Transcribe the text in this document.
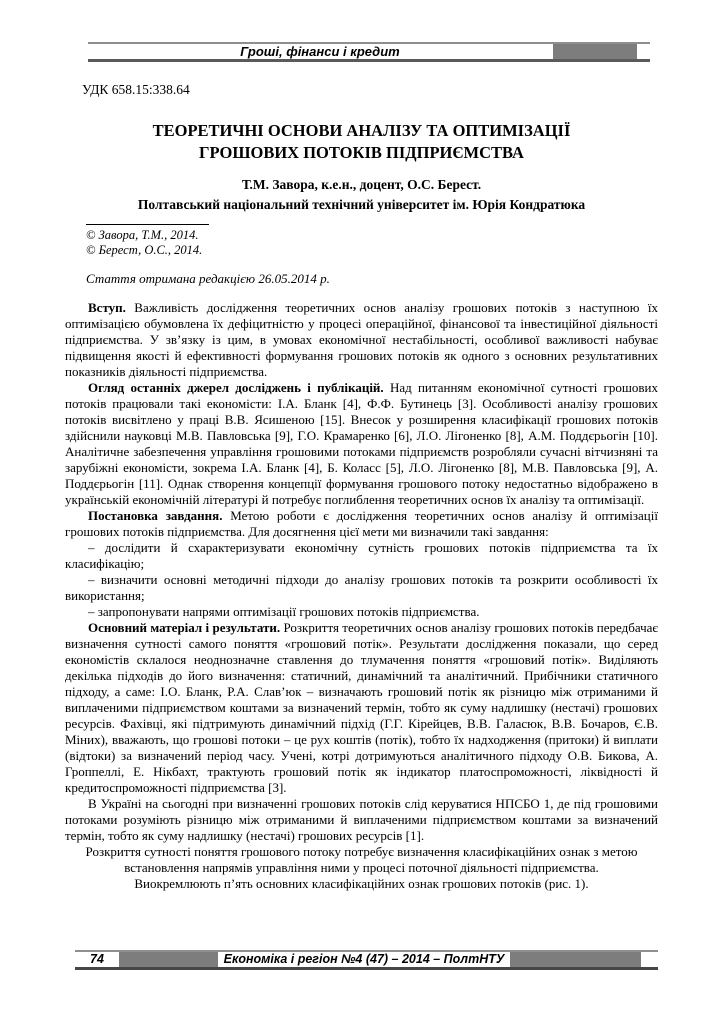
Гроші, фінанси і кредит

УДК 658.15:338.64

ТЕОРЕТИЧНІ ОСНОВИ АНАЛІЗУ ТА ОПТИМІЗАЦІЇ
ГРОШОВИХ ПОТОКІВ ПІДПРИЄМСТВА
Т.М. Завора, к.е.н., доцент, О.С. Берест.
Полтавський національний технічний університет ім. Юрія Кондратюка
© Завора, Т.М., 2014.
© Берест, О.С., 2014.

Стаття отримана редакцією 26.05.2014 р.

Вступ. Важливість дослідження теоретичних основ аналізу грошових потоків з наступною їх оптимізацією обумовлена їх дефіцитністю у процесі операційної, фінансової та інвестиційної діяльності підприємства. У зв’язку із цим, в умовах економічної нестабільності, особливої важливості набуває підвищення якості й ефективності формування грошових потоків як одного з основних результативних показників діяльності підприємства.

Огляд останніх джерел досліджень і публікацій. Над питанням економічної сутності грошових потоків працювали такі економісти: І.А. Бланк [4], Ф.Ф. Бутинець [3]. Особливості аналізу грошових потоків висвітлено у праці В.В. Ясишеною [15]. Внесок у розширення класифікації грошових потоків здійснили науковці М.В. Павловська [9], Г.О. Крамаренко [6], Л.О. Лігоненко [8], А.М. Поддєрьогін [10]. Аналітичне забезпечення управління грошовими потоками підприємств розробляли сучасні вітчизняні та зарубіжні економісти, зокрема І.А. Бланк [4], Б. Коласс [5], Л.О. Лігоненко [8], М.В. Павловська [9], А. Поддєрьогін [11]. Однак створення концепції формування грошового потоку недостатньо відображено в українській економічній літературі й потребує поглиблення теоретичних основ їх аналізу та оптимізації.

Постановка завдання. Метою роботи є дослідження теоретичних основ аналізу й оптимізації грошових потоків підприємства. Для досягнення цієї мети ми визначили такі завдання:

– дослідити й схарактеризувати економічну сутність грошових потоків підприємства та їх класифікацію;

– визначити основні методичні підходи до аналізу грошових потоків та розкрити особливості їх використання;

– запропонувати напрями оптимізації грошових потоків підприємства.

Основний матеріал і результати. Розкриття теоретичних основ аналізу грошових потоків передбачає визначення сутності самого поняття «грошовий потік». Результати дослідження показали, що серед економістів склалося неоднозначне ставлення до тлумачення поняття «грошовий потік». Виділяють декілька підходів до його визначення: статичний, динамічний та аналітичний. Прибічники статичного підходу, а саме: І.О. Бланк, Р.А. Слав’юк – визначають грошовий потік як різницю між отриманими й виплаченими підприємством коштами за визначений термін, тобто як суму надлишку (нестачі) грошових ресурсів. Фахівці, які підтримують динамічний підхід (Г.Г. Кірейцев, В.В. Галасюк, В.В. Бочаров, Є.В. Міних), вважають, що грошові потоки – це рух коштів (потік), тобто їх надходження (притоки) й виплати (відтоки) за визначений період часу. Учені, котрі дотримуються аналітичного підходу О.В. Бикова, А. Гроппеллі, Е. Нікбахт, трактують грошовий потік як індикатор платоспроможності, ліквідності й кредитоспроможності підприємства [3].

В Україні на сьогодні при визначенні грошових потоків слід керуватися НПСБО 1, де під грошовими потоками розуміють різницю між отриманими й виплаченими підприємством коштами за визначений термін, тобто як суму надлишку (нестачі) грошових ресурсів [1].

Розкриття сутності поняття грошового потоку потребує визначення класифікаційних ознак з метою встановлення напрямів управління ними у процесі поточної діяльності підприємства.

Виокремлюють п’ять основних класифікаційних ознак грошових потоків (рис. 1).

74	Економіка і регіон №4 (47) – 2014 – ПолтНТУ
